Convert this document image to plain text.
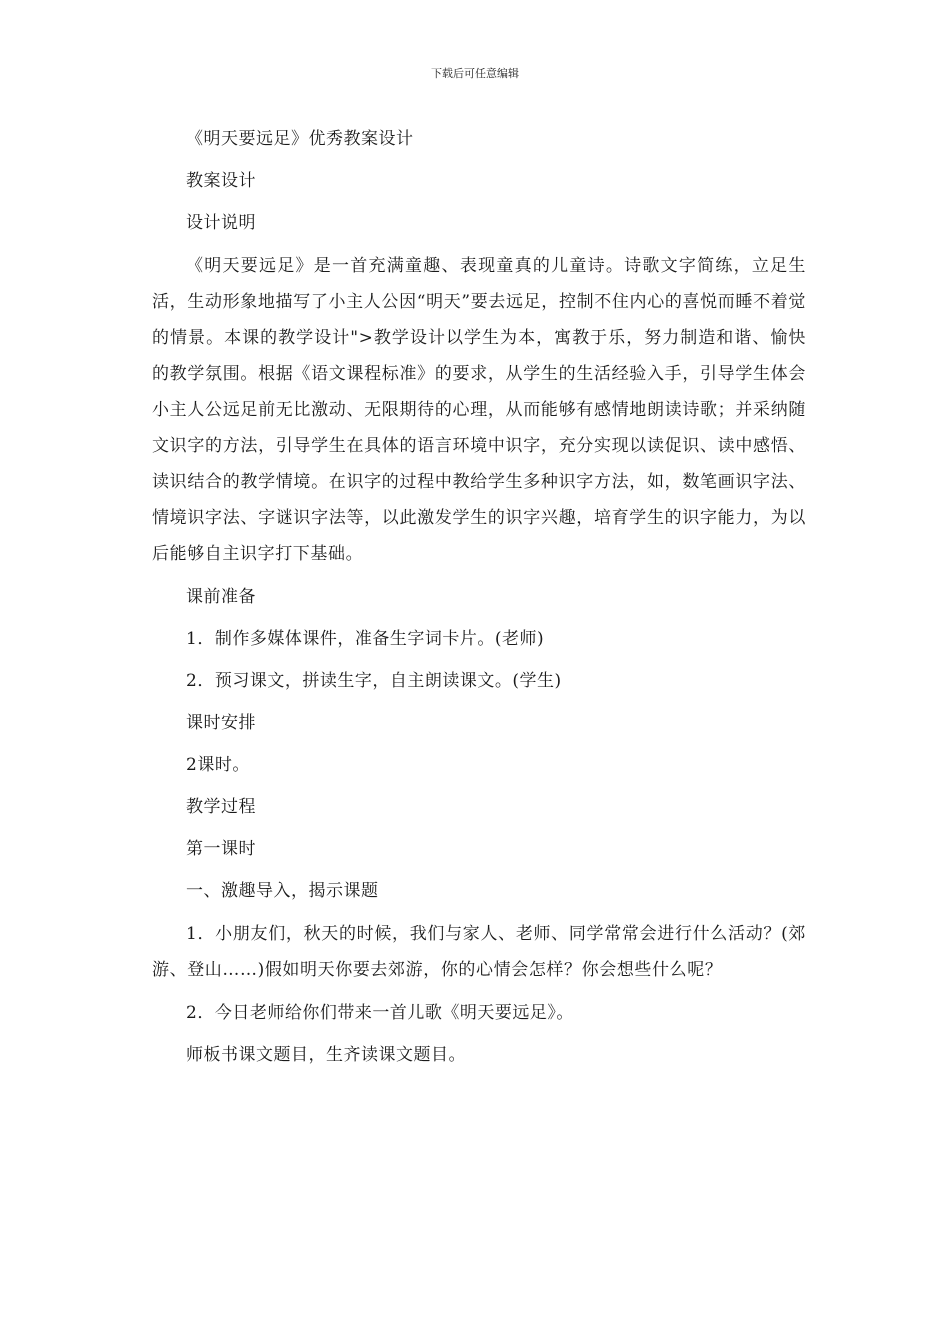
下载后可任意编辑
《明天要远足》优秀教案设计
教案设计
设计说明
《明天要远足》是一首充满童趣、表现童真的儿童诗。诗歌文字简练，立足生活，生动形象地描写了小主人公因“明天”要去远足，控制不住内心的喜悦而睡不着觉的情景。本课的教学设计">教学设计以学生为本，寓教于乐，努力制造和谐、愉快的教学氛围。根据《语文课程标准》的要求，从学生的生活经验入手，引导学生体会小主人公远足前无比激动、无限期待的心理，从而能够有感情地朗读诗歌；并采纳随文识字的方法，引导学生在具体的语言环境中识字，充分实现以读促识、读中感悟、读识结合的教学情境。在识字的过程中教给学生多种识字方法，如，数笔画识字法、情境识字法、字谜识字法等，以此激发学生的识字兴趣，培育学生的识字能力，为以后能够自主识字打下基础。
课前准备
1．制作多媒体课件，准备生字词卡片。(老师)
2．预习课文，拼读生字，自主朗读课文。(学生)
课时安排
2课时。
教学过程
第一课时
一、激趣导入，揭示课题
1．小朋友们，秋天的时候，我们与家人、老师、同学常常会进行什么活动？(郊游、登山……)假如明天你要去郊游，你的心情会怎样？你会想些什么呢？
2．今日老师给你们带来一首儿歌《明天要远足》。
师板书课文题目，生齐读课文题目。
